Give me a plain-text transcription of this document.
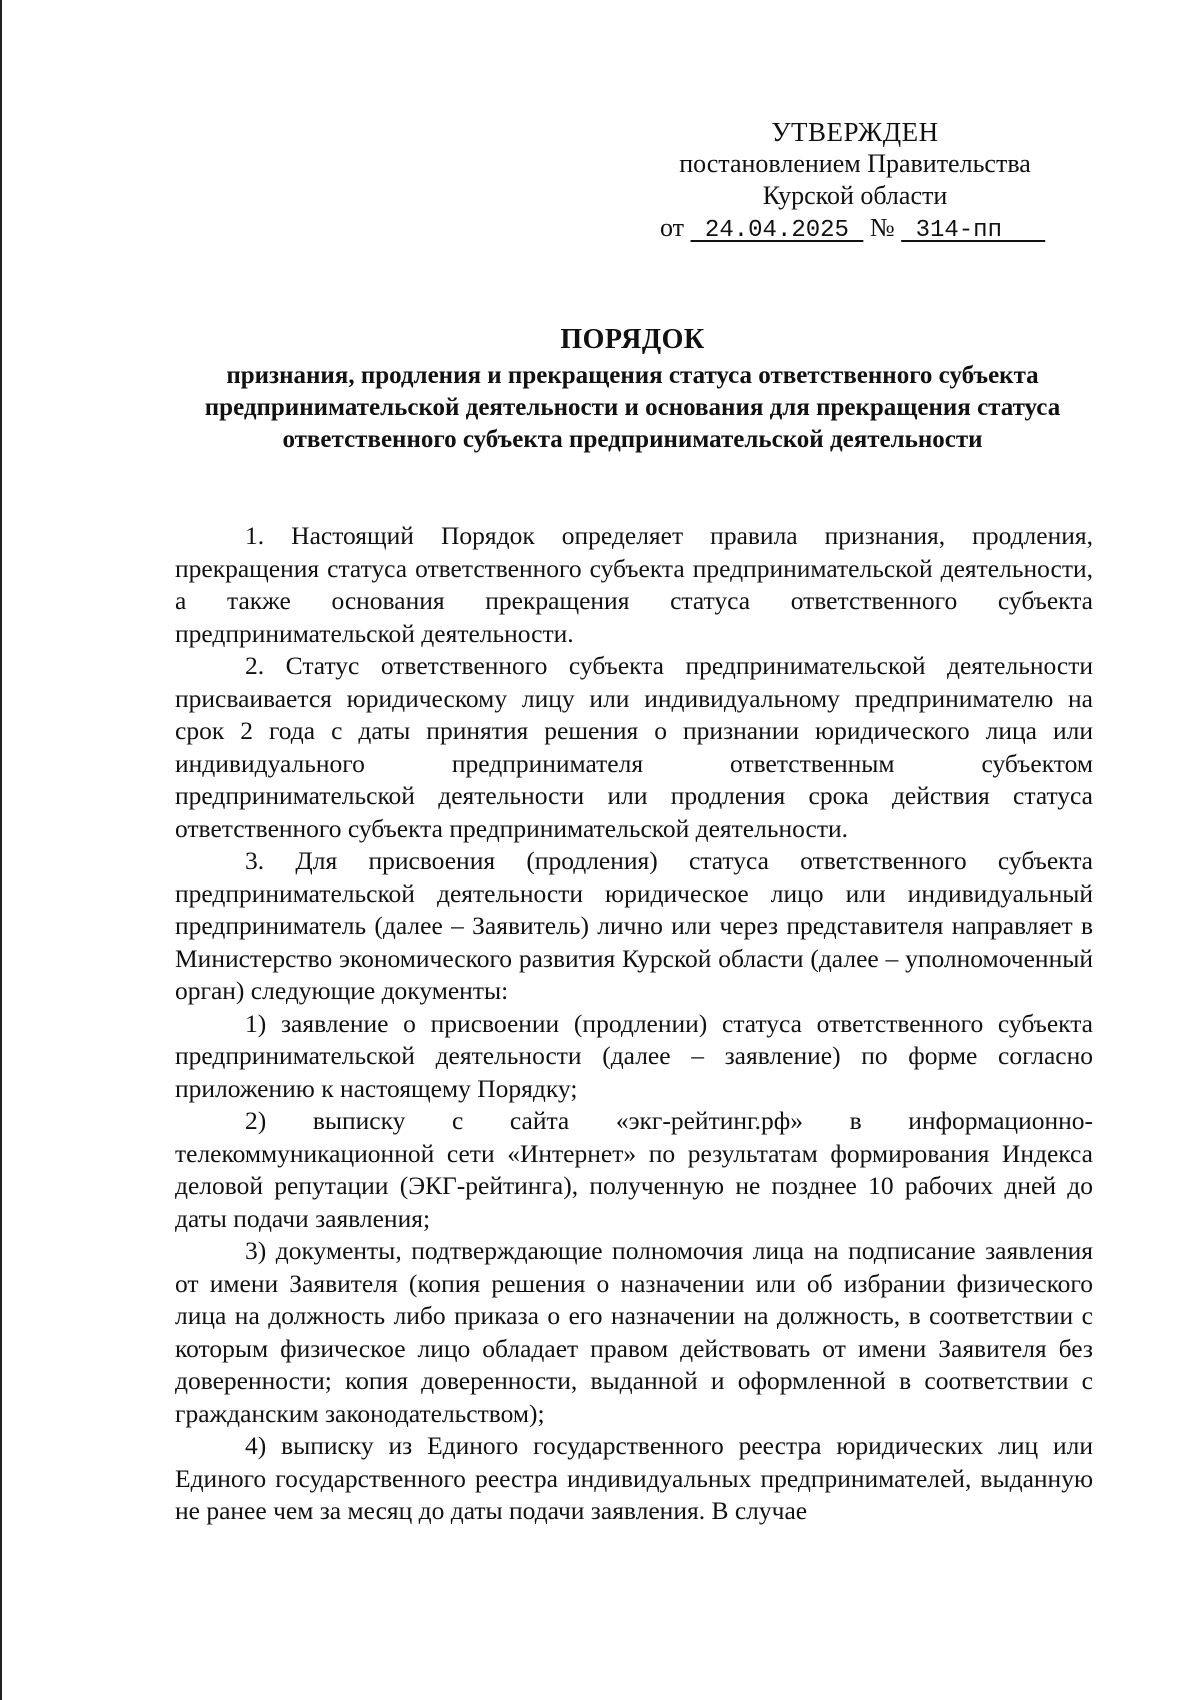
УТВЕРЖДЕН
постановлением Правительства
Курской области
от  24.04.2025  №  314-пп
ПОРЯДОК
признания, продления и прекращения статуса ответственного субъекта предпринимательской деятельности и основания для прекращения статуса ответственного субъекта предпринимательской деятельности

1. Настоящий Порядок определяет правила признания, продления, прекращения статуса ответственного субъекта предпринимательской деятельности, а также основания прекращения статуса ответственного субъекта предпринимательской деятельности.

2. Статус ответственного субъекта предпринимательской деятельности присваивается юридическому лицу или индивидуальному предпринимателю на срок 2 года с даты принятия решения о признании юридического лица или индивидуального предпринимателя ответственным субъектом предпринимательской деятельности или продления срока действия статуса ответственного субъекта предпринимательской деятельности.

3. Для присвоения (продления) статуса ответственного субъекта предпринимательской деятельности юридическое лицо или индивидуальный предприниматель (далее – Заявитель) лично или через представителя направляет в Министерство экономического развития Курской области (далее – уполномоченный орган) следующие документы:

1) заявление о присвоении (продлении) статуса ответственного субъекта предпринимательской деятельности (далее – заявление) по форме согласно приложению к настоящему Порядку;

2) выписку с сайта «экг-рейтинг.рф» в информационно-телекоммуникационной сети «Интернет» по результатам формирования Индекса деловой репутации (ЭКГ-рейтинга), полученную не позднее 10 рабочих дней до даты подачи заявления;

3) документы, подтверждающие полномочия лица на подписание заявления от имени Заявителя (копия решения о назначении или об избрании физического лица на должность либо приказа о его назначении на должность, в соответствии с которым физическое лицо обладает правом действовать от имени Заявителя без доверенности; копия доверенности, выданной и оформленной в соответствии с гражданским законодательством);

4) выписку из Единого государственного реестра юридических лиц или Единого государственного реестра индивидуальных предпринимателей, выданную не ранее чем за месяц до даты подачи заявления. В случае
